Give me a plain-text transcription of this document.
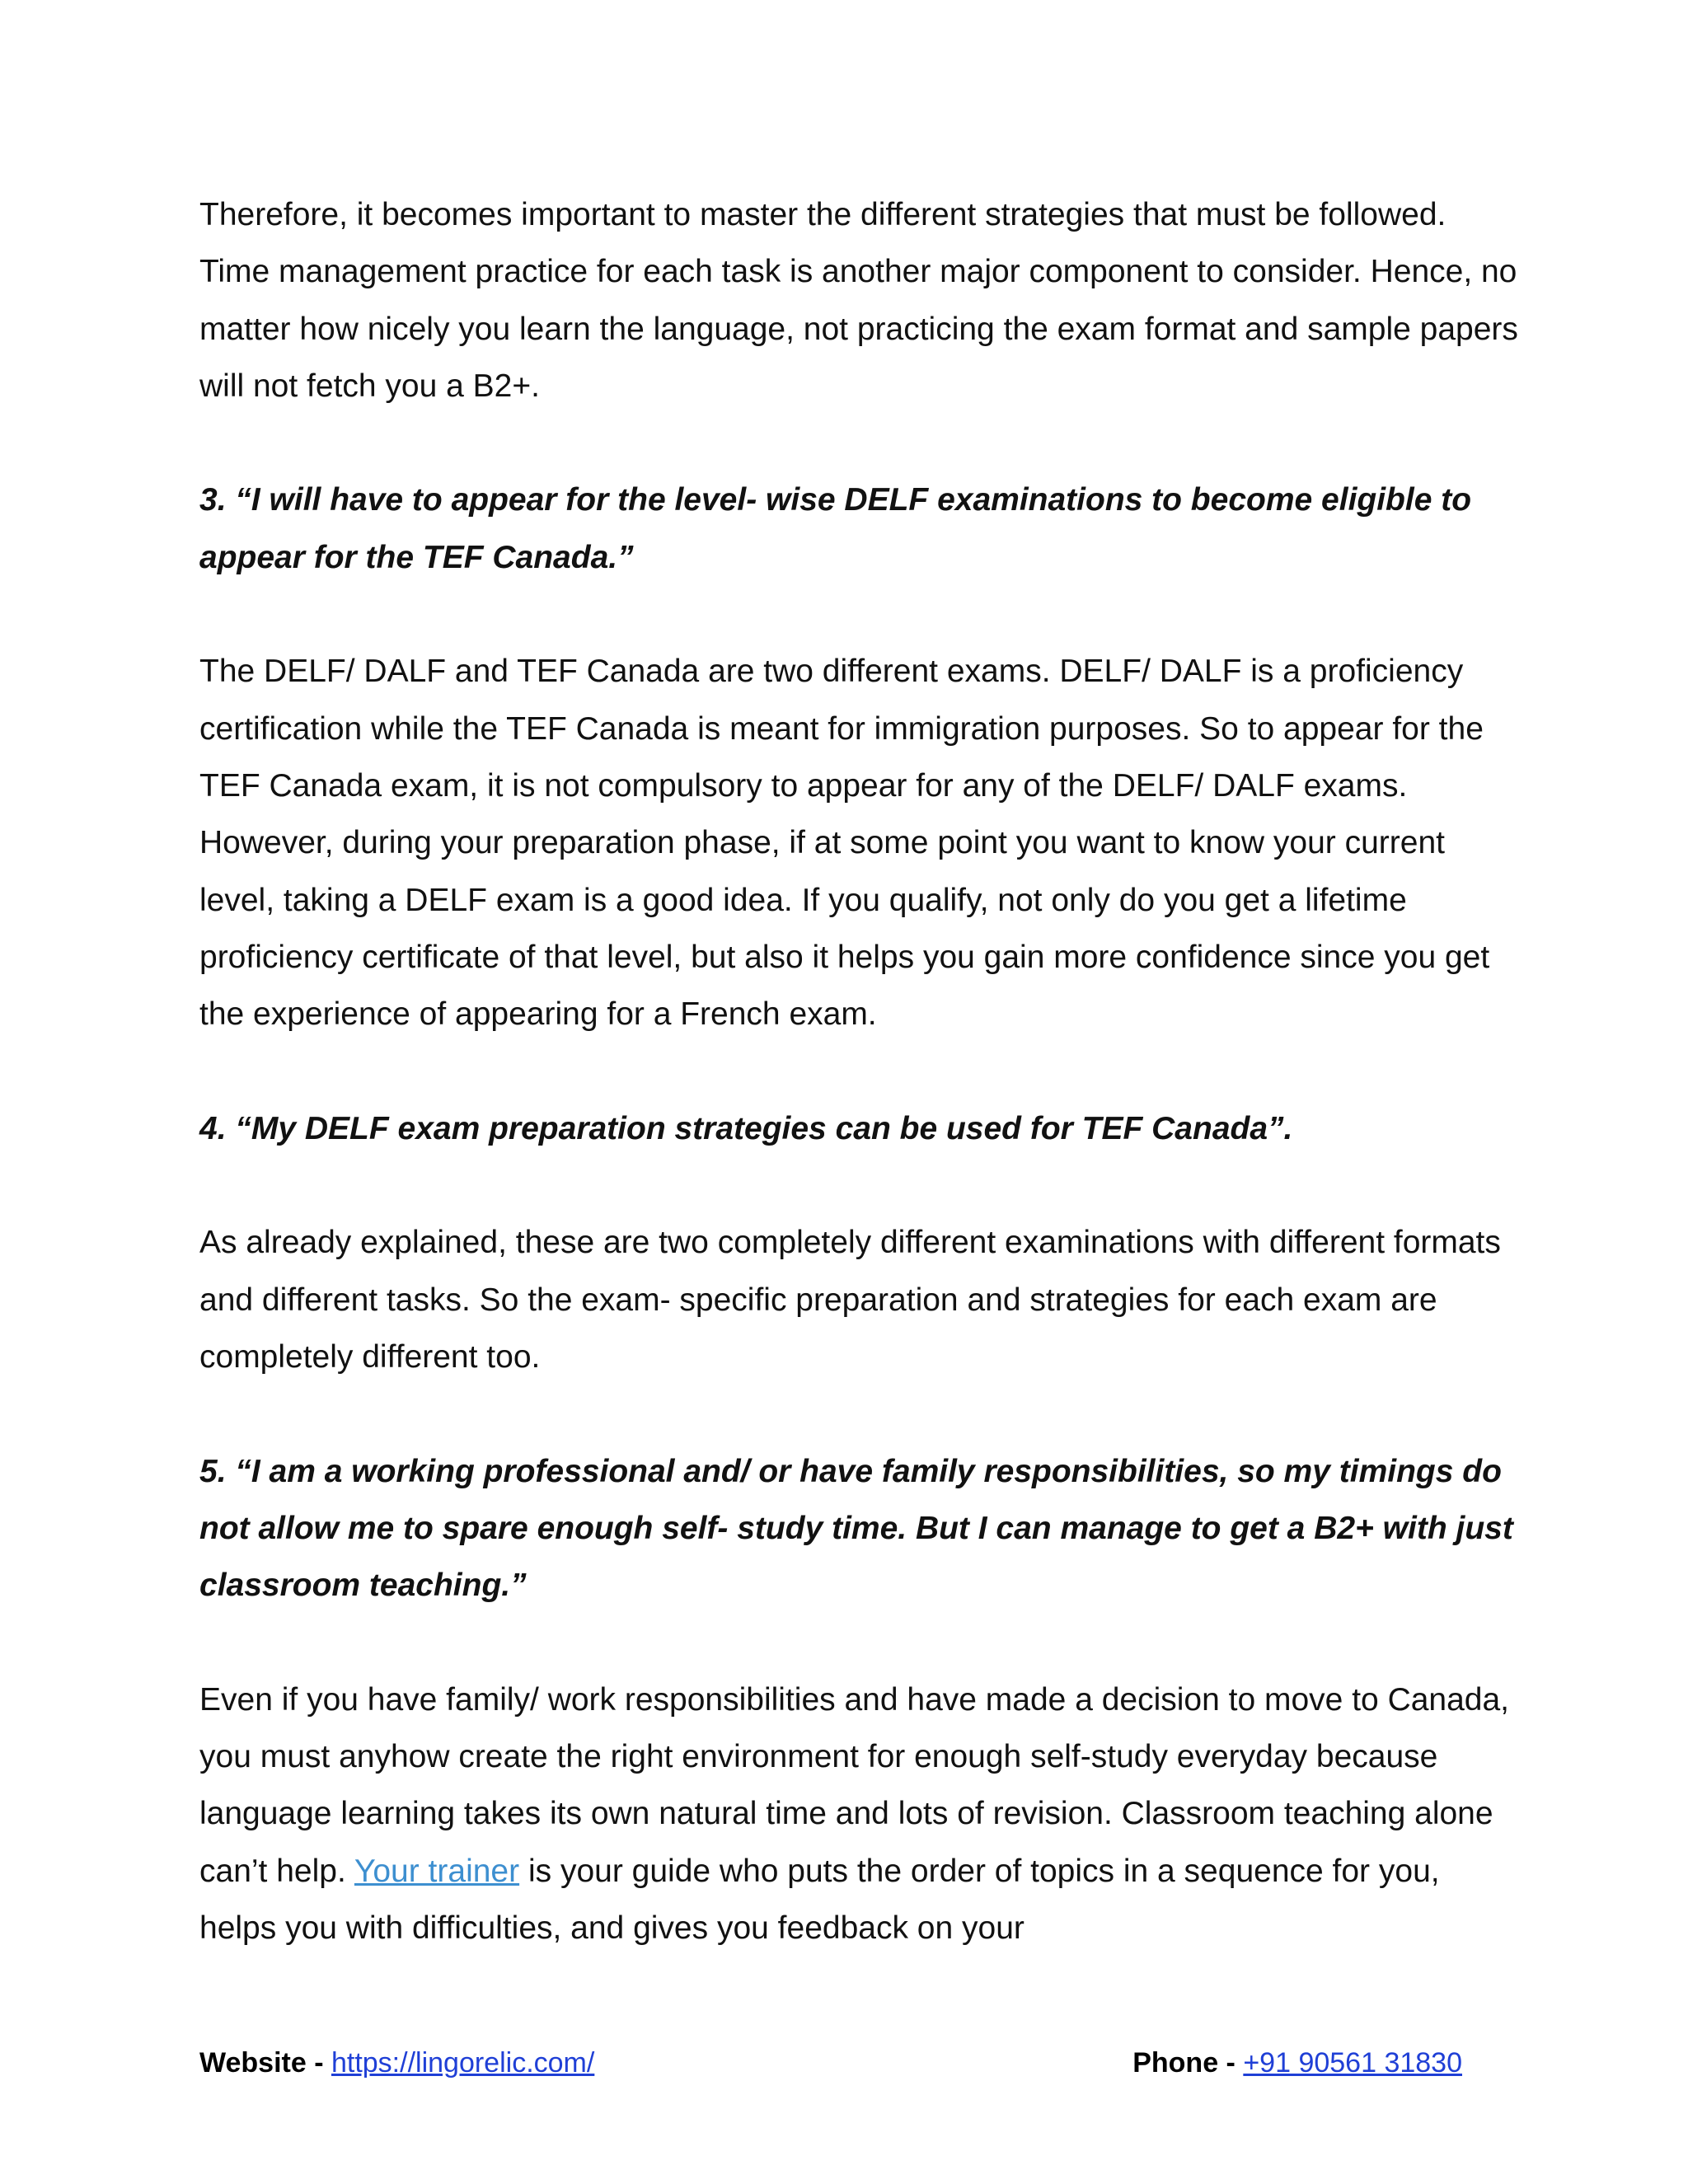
Therefore, it becomes important to master the different strategies that must be followed. Time management practice for each task is another major component to consider. Hence, no matter how nicely you learn the language, not practicing the exam format and sample papers will not fetch you a B2+.

3. “I will have to appear for the level- wise DELF examinations to become eligible to appear for the TEF Canada.”

The DELF/ DALF and TEF Canada are two different exams. DELF/ DALF is a proficiency certification while the TEF Canada is meant for immigration purposes. So to appear for the TEF Canada exam, it is not compulsory to appear for any of the DELF/ DALF exams. However, during your preparation phase, if at some point you want to know your current level, taking a DELF exam is a good idea. If you qualify, not only do you get a lifetime proficiency certificate of that level, but also it helps you gain more confidence since you get the experience of appearing for a French exam.

4. “My DELF exam preparation strategies can be used for TEF Canada”.

As already explained, these are two completely different examinations with different formats and different tasks. So the exam- specific preparation and strategies for each exam are completely different too.

5. “I am a working professional and/ or have family responsibilities, so my timings do not allow me to spare enough self- study time. But I can manage to get a B2+ with just classroom teaching.”

Even if you have family/ work responsibilities and have made a decision to move to Canada, you must anyhow create the right environment for enough self-study everyday because language learning takes its own natural time and lots of revision. Classroom teaching alone can’t help. Your trainer is your guide who puts the order of topics in a sequence for you, helps you with difficulties, and gives you feedback on your

Website - https://lingorelic.com/	Phone - +91 90561 31830
